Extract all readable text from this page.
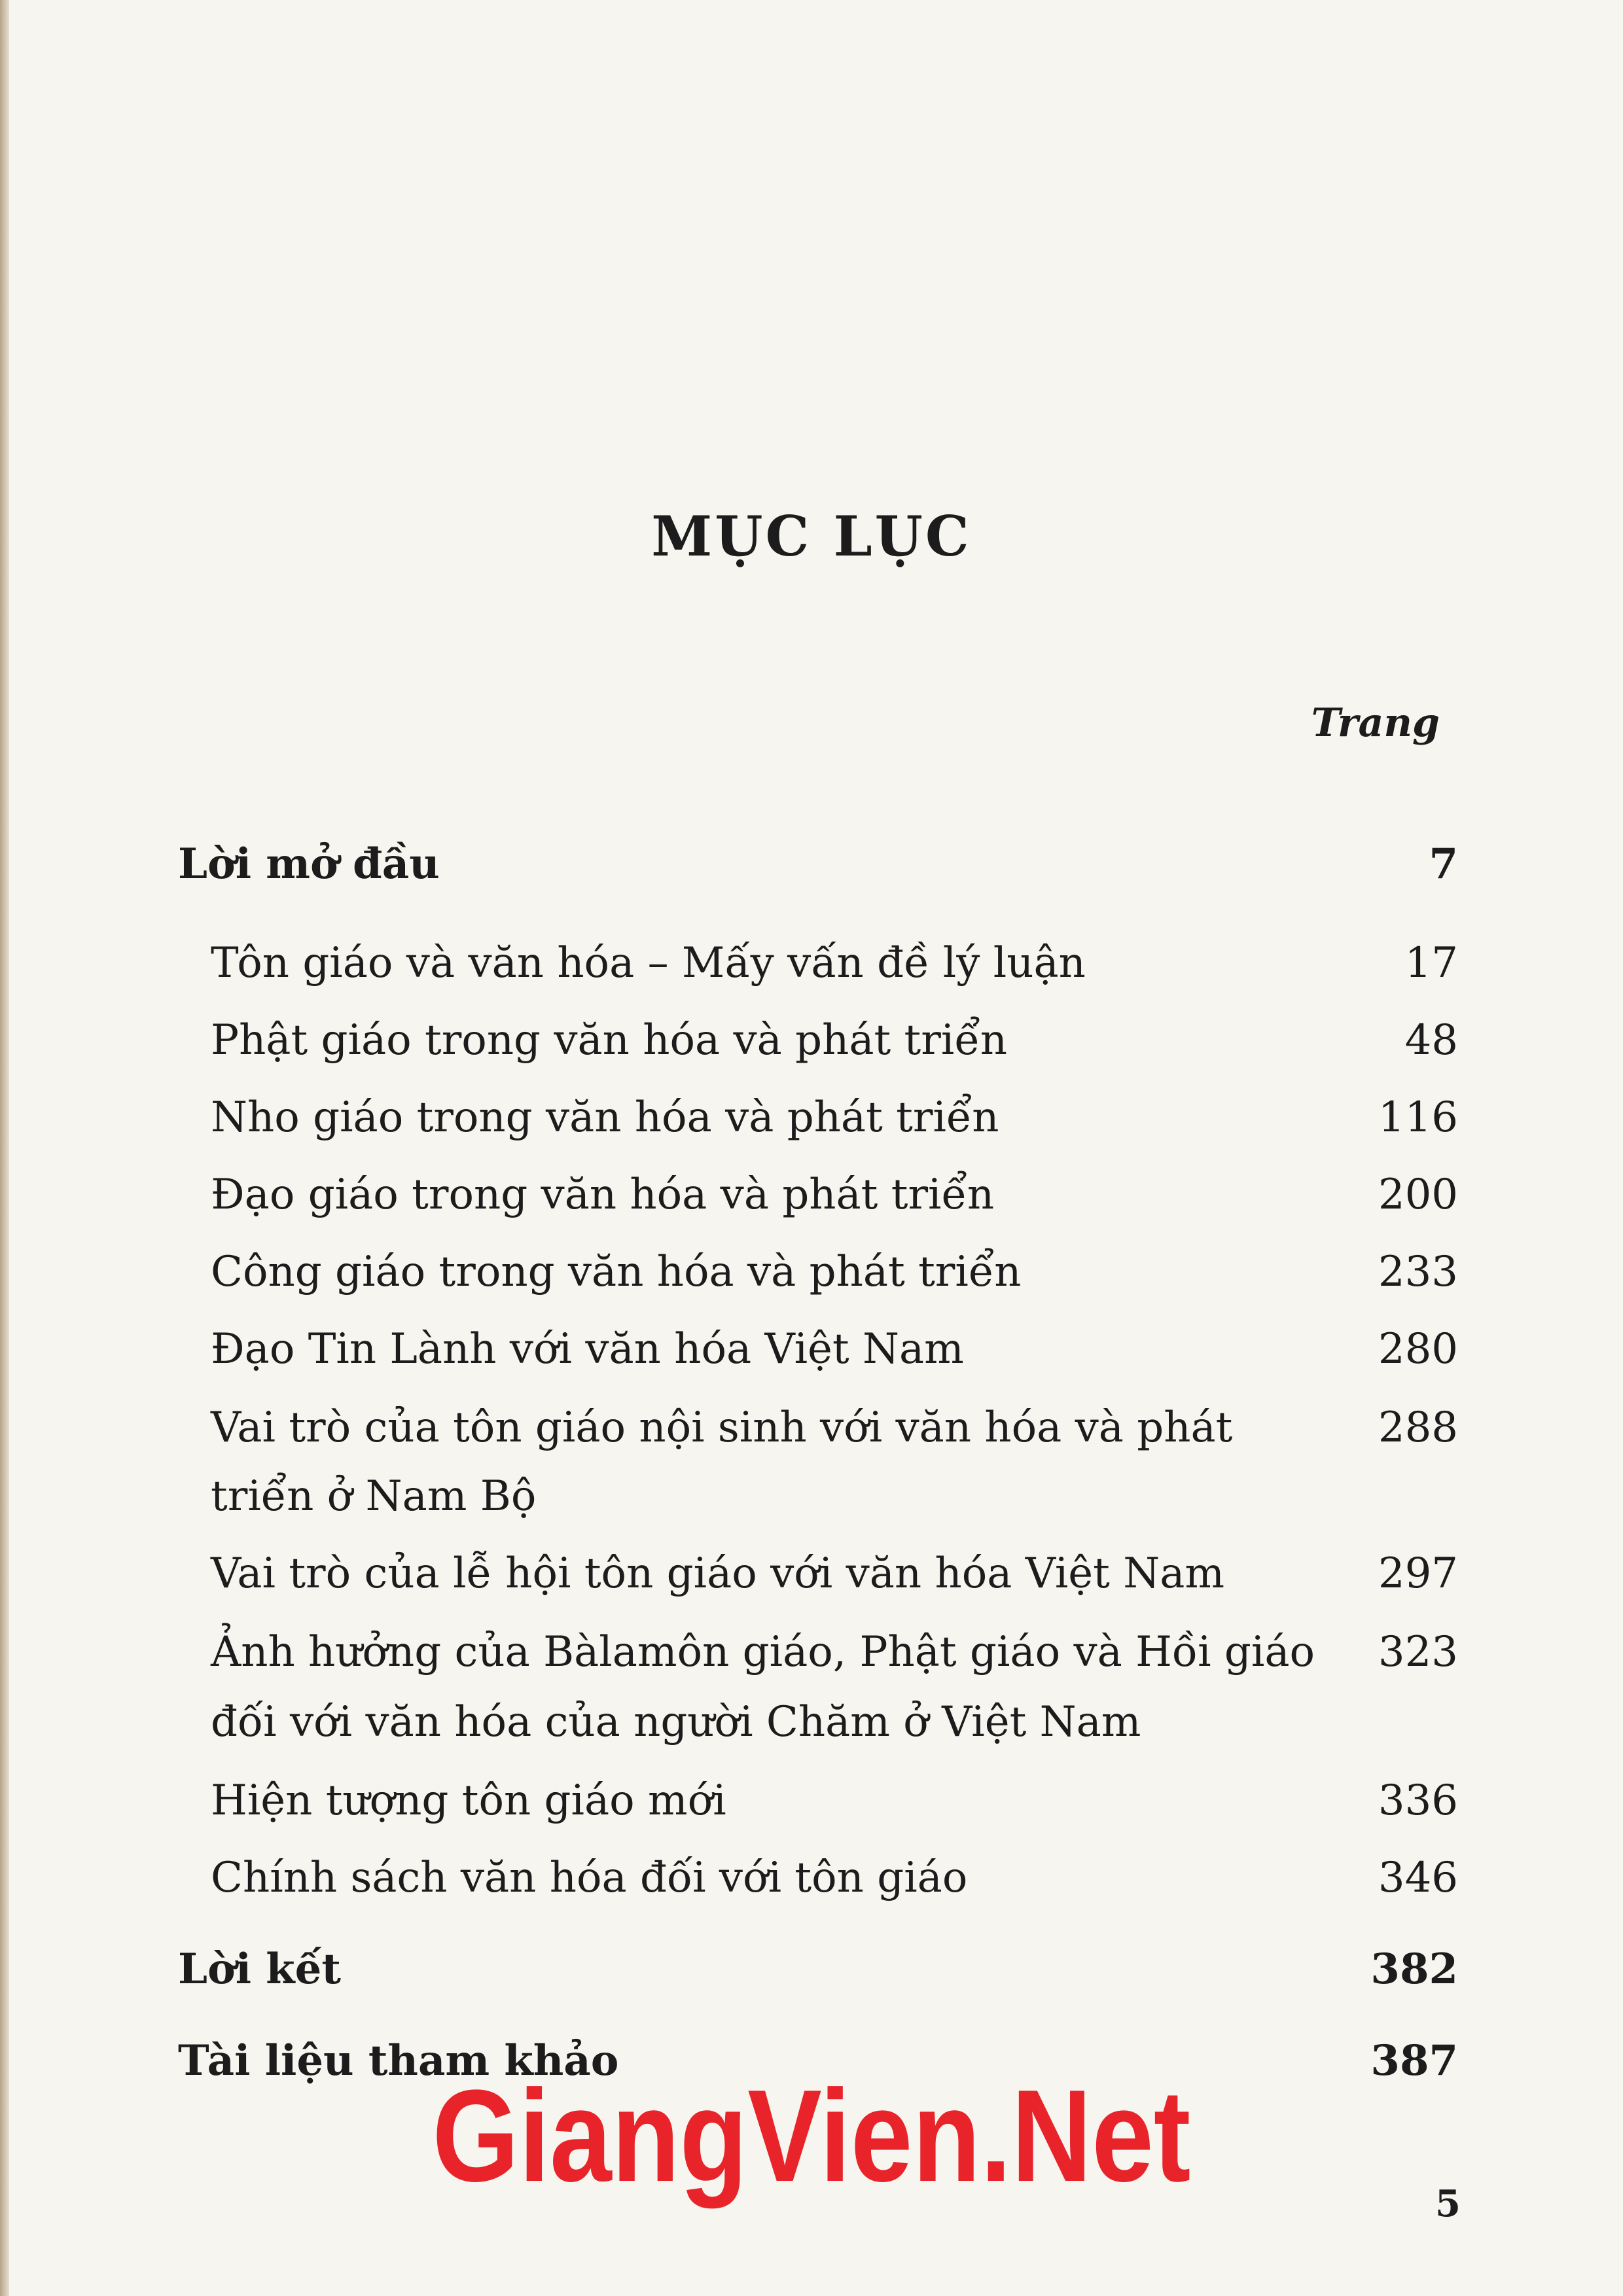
MỤC LỤC
Trang
Lời mở đầu	7
Tôn giáo và văn hóa – Mấy vấn đề lý luận	17
Phật giáo trong văn hóa và phát triển	48
Nho giáo trong văn hóa và phát triển	116
Đạo giáo trong văn hóa và phát triển	200
Công giáo trong văn hóa và phát triển	233
Đạo Tin Lành với văn hóa Việt Nam	280
Vai trò của tôn giáo nội sinh với văn hóa và phát	288
triển ở Nam Bộ
Vai trò của lễ hội tôn giáo với văn hóa Việt Nam	297
Ảnh hưởng của Bàlamôn giáo, Phật giáo và Hồi giáo	323
đối với văn hóa của người Chăm ở Việt Nam
Hiện tượng tôn giáo mới	336
Chính sách văn hóa đối với tôn giáo	346
Lời kết	382
Tài liệu tham khảo	387
GiangVien.Net	5
